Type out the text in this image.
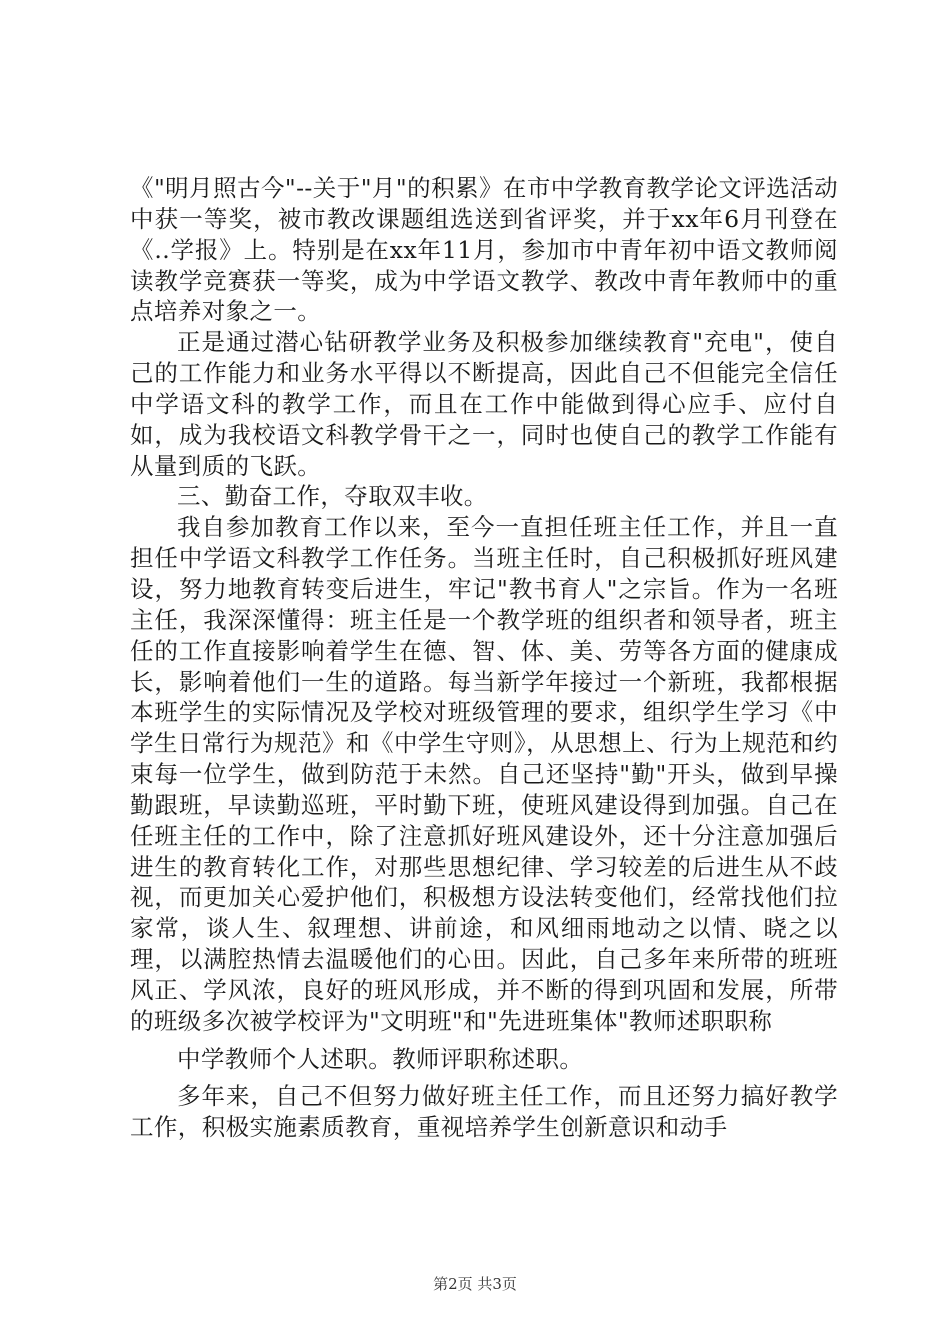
《"明月照古今"--关于"月"的积累》在市中学教育教学论文评选活动中获一等奖，被市教改课题组选送到省评奖，并于xx年6月刊登在《..学报》上。特别是在xx年11月，参加市中青年初中语文教师阅读教学竞赛获一等奖，成为中学语文教学、教改中青年教师中的重点培养对象之一。

正是通过潜心钻研教学业务及积极参加继续教育"充电"，使自己的工作能力和业务水平得以不断提高，因此自己不但能完全信任中学语文科的教学工作，而且在工作中能做到得心应手、应付自如，成为我校语文科教学骨干之一，同时也使自己的教学工作能有从量到质的飞跃。

三、勤奋工作，夺取双丰收。

我自参加教育工作以来，至今一直担任班主任工作，并且一直担任中学语文科教学工作任务。当班主任时，自己积极抓好班风建设，努力地教育转变后进生，牢记"教书育人"之宗旨。作为一名班主任，我深深懂得：班主任是一个教学班的组织者和领导者，班主任的工作直接影响着学生在德、智、体、美、劳等各方面的健康成长，影响着他们一生的道路。每当新学年接过一个新班，我都根据本班学生的实际情况及学校对班级管理的要求，组织学生学习《中学生日常行为规范》和《中学生守则》，从思想上、行为上规范和约束每一位学生，做到防范于未然。自己还坚持"勤"开头，做到早操勤跟班，早读勤巡班，平时勤下班，使班风建设得到加强。自己在任班主任的工作中，除了注意抓好班风建设外，还十分注意加强后进生的教育转化工作，对那些思想纪律、学习较差的后进生从不歧视，而更加关心爱护他们，积极想方设法转变他们，经常找他们拉家常，谈人生、叙理想、讲前途，和风细雨地动之以情、晓之以理，以满腔热情去温暖他们的心田。因此，自己多年来所带的班班风正、学风浓，良好的班风形成，并不断的得到巩固和发展，所带的班级多次被学校评为"文明班"和"先进班集体"教师述职职称

中学教师个人述职。教师评职称述职。

多年来，自己不但努力做好班主任工作，而且还努力搞好教学工作，积极实施素质教育，重视培养学生创新意识和动手

第2页 共3页
